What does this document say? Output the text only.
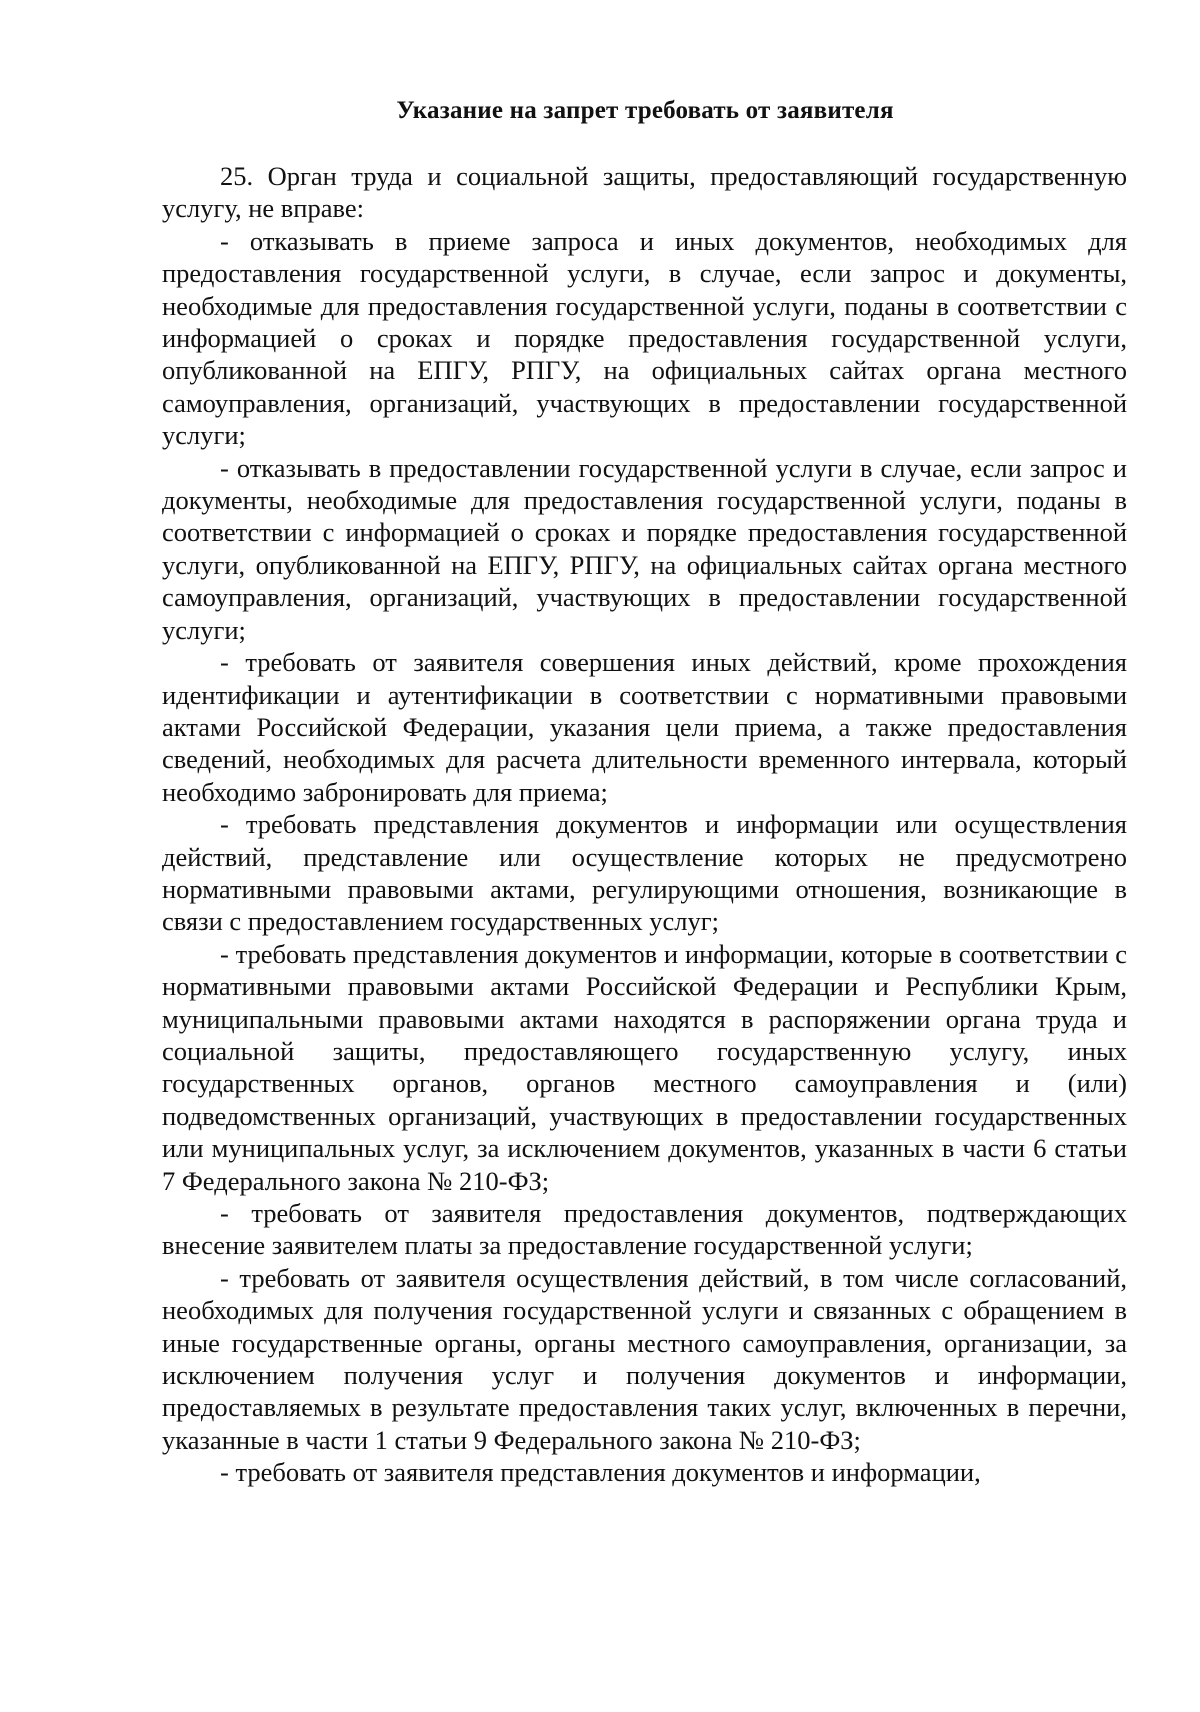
Указание на запрет требовать от заявителя

25. Орган труда и социальной защиты, предоставляющий государственную услугу, не вправе:

- отказывать в приеме запроса и иных документов, необходимых для предоставления государственной услуги, в случае, если запрос и документы, необходимые для предоставления государственной услуги, поданы в соответствии с информацией о сроках и порядке предоставления государственной услуги, опубликованной на ЕПГУ, РПГУ, на официальных сайтах органа местного самоуправления, организаций, участвующих в предоставлении государственной услуги;

- отказывать в предоставлении государственной услуги в случае, если запрос и документы, необходимые для предоставления государственной услуги, поданы в соответствии с информацией о сроках и порядке предоставления государственной услуги, опубликованной на ЕПГУ, РПГУ, на официальных сайтах органа местного самоуправления, организаций, участвующих в предоставлении государственной услуги;

- требовать от заявителя совершения иных действий, кроме прохождения идентификации и аутентификации в соответствии с нормативными правовыми актами Российской Федерации, указания цели приема, а также предоставления сведений, необходимых для расчета длительности временного интервала, который необходимо забронировать для приема;

- требовать представления документов и информации или осуществления действий, представление или осуществление которых не предусмотрено нормативными правовыми актами, регулирующими отношения, возникающие в связи с предоставлением государственных услуг;

- требовать представления документов и информации, которые в соответствии с нормативными правовыми актами Российской Федерации и Республики Крым, муниципальными правовыми актами находятся в распоряжении органа труда и социальной защиты, предоставляющего государственную услугу, иных государственных органов, органов местного самоуправления и (или) подведомственных организаций, участвующих в предоставлении государственных или муниципальных услуг, за исключением документов, указанных в части 6 статьи 7 Федерального закона № 210-ФЗ;

- требовать от заявителя предоставления документов, подтверждающих внесение заявителем платы за предоставление государственной услуги;

- требовать от заявителя осуществления действий, в том числе согласований, необходимых для получения государственной услуги и связанных с обращением в иные государственные органы, органы местного самоуправления, организации, за исключением получения услуг и получения документов и информации, предоставляемых в результате предоставления таких услуг, включенных в перечни, указанные в части 1 статьи 9 Федерального закона № 210-ФЗ;

- требовать от заявителя представления документов и информации,
